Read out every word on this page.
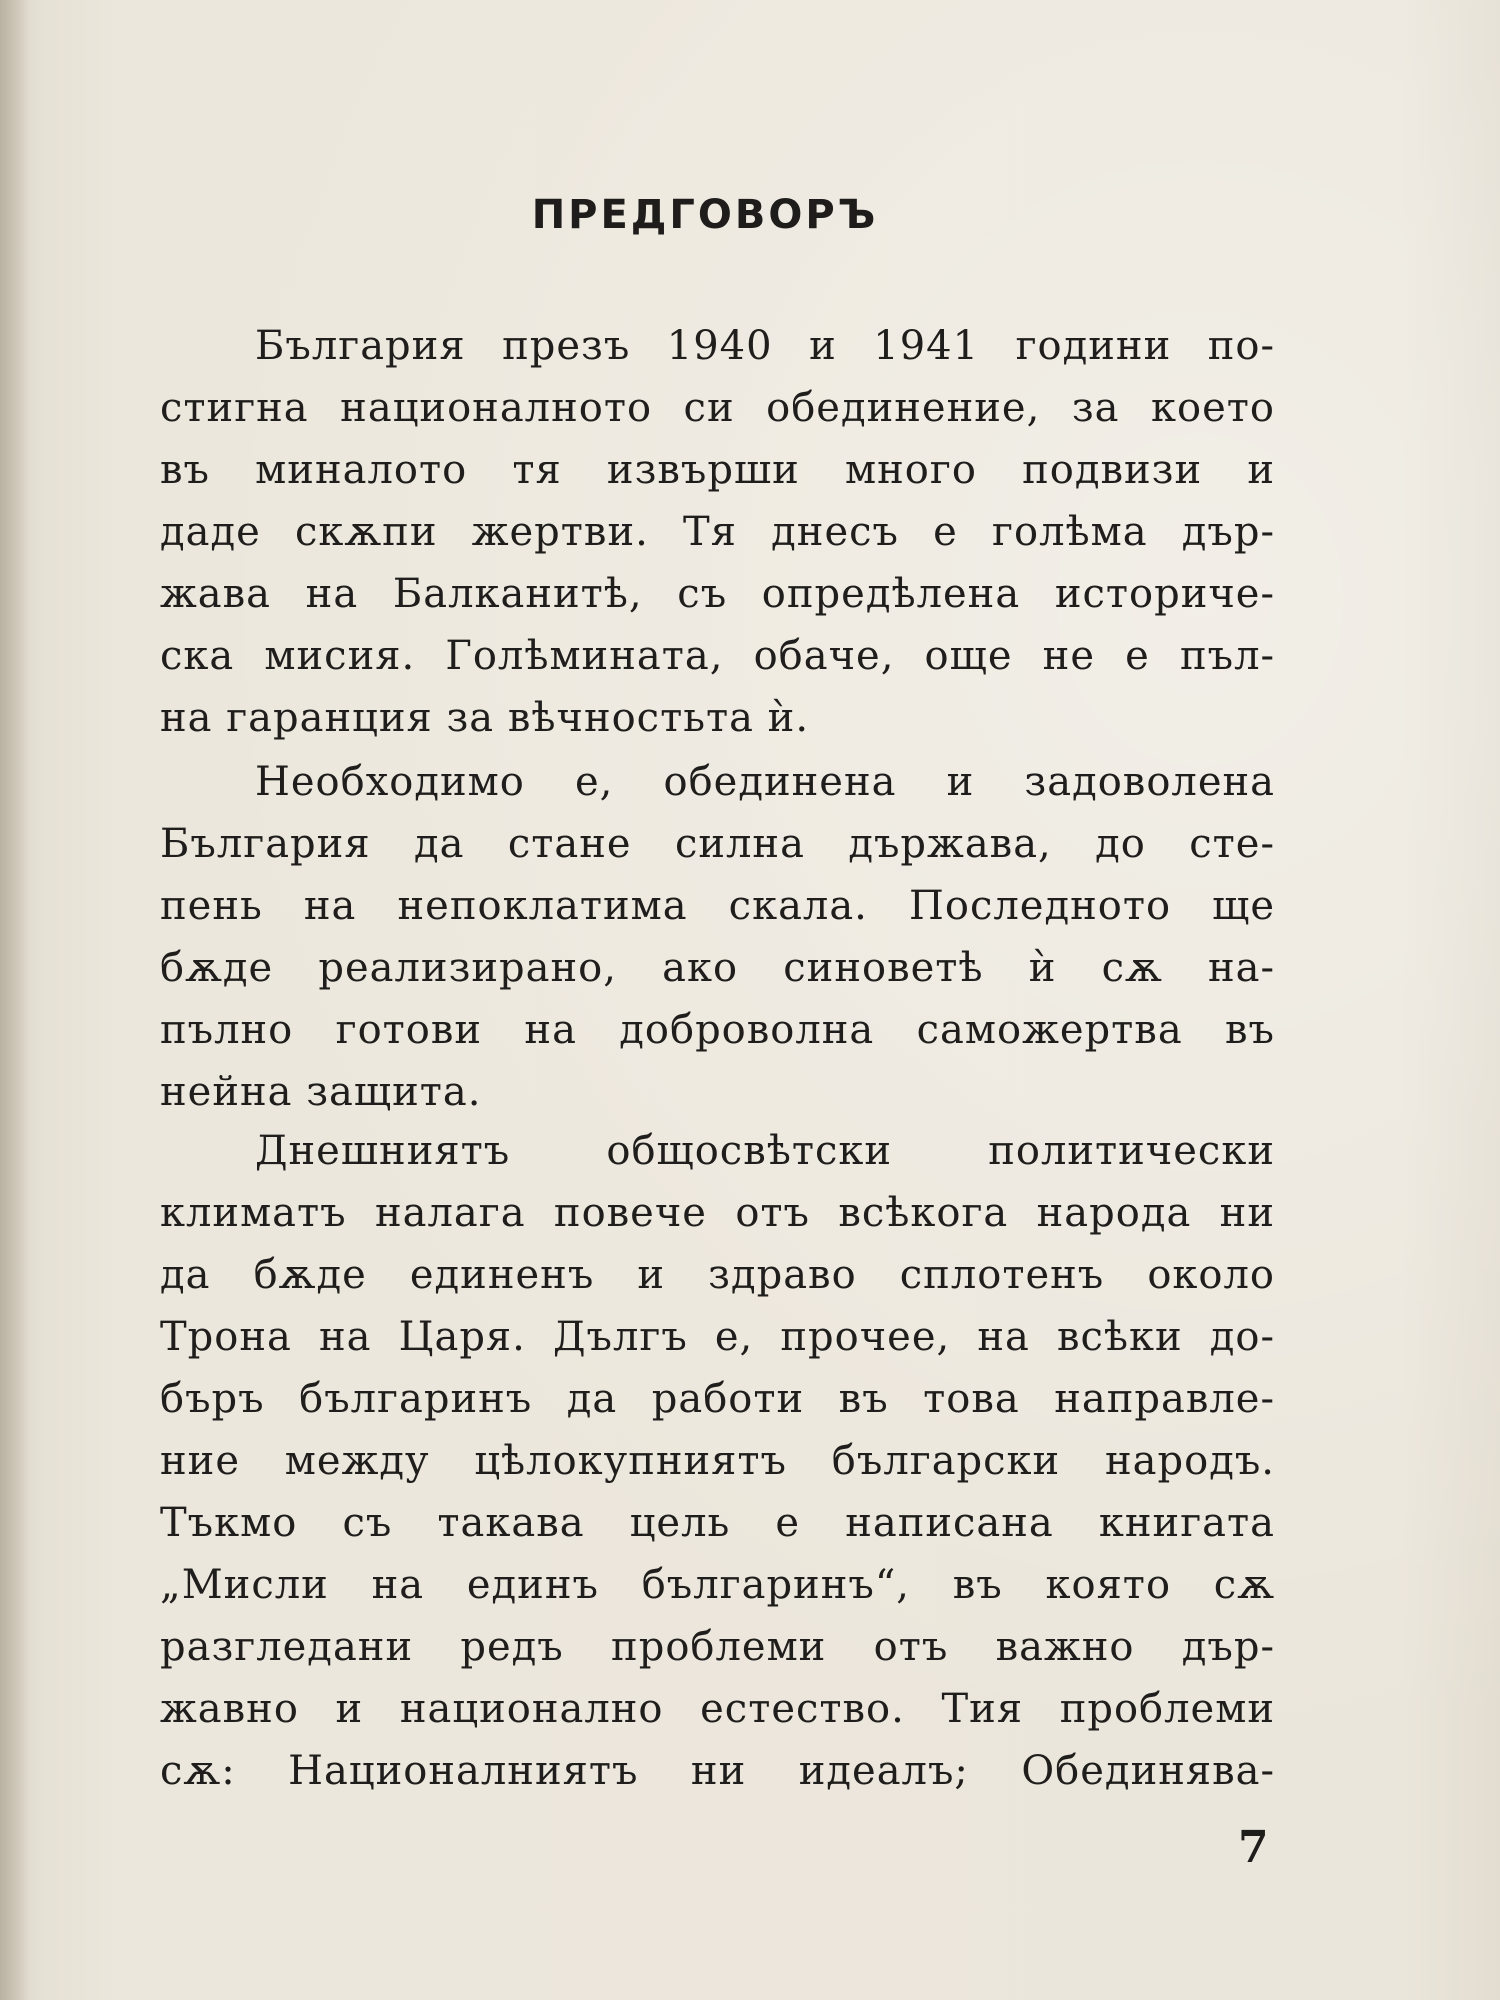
ПРЕДГОВОРЪ
България презъ 1940 и 1941 години по-
стигна националното си обединение, за което
въ миналото тя извърши много подвизи и
даде скѫпи жертви. Тя днесъ е голѣма дър-
жава на Балканитѣ, съ опредѣлена историче-
ска мисия. Голѣмината, обаче, още не е пъл-
на гаранция за вѣчностьта ѝ.
Необходимо е, обединена и задоволена
България да стане силна държава, до сте-
пень на непоклатима скала. Последното ще
бѫде реализирано, ако синоветѣ ѝ сѫ на-
пълно готови на доброволна саможертва въ
нейна защита.
Днешниятъ общосвѣтски политически
климатъ налага повече отъ всѣкога народа ни
да бѫде единенъ и здраво сплотенъ около
Трона на Царя. Дългъ е, прочее, на всѣки до-
бъръ българинъ да работи въ това направле-
ние между цѣлокупниятъ български народъ.
Тъкмо съ такава цель е написана книгата
„Мисли на единъ българинъ“, въ която сѫ
разгледани редъ проблеми отъ важно дър-
жавно и национално естество. Тия проблеми
сѫ: Националниятъ ни идеалъ; Обединява-
7
